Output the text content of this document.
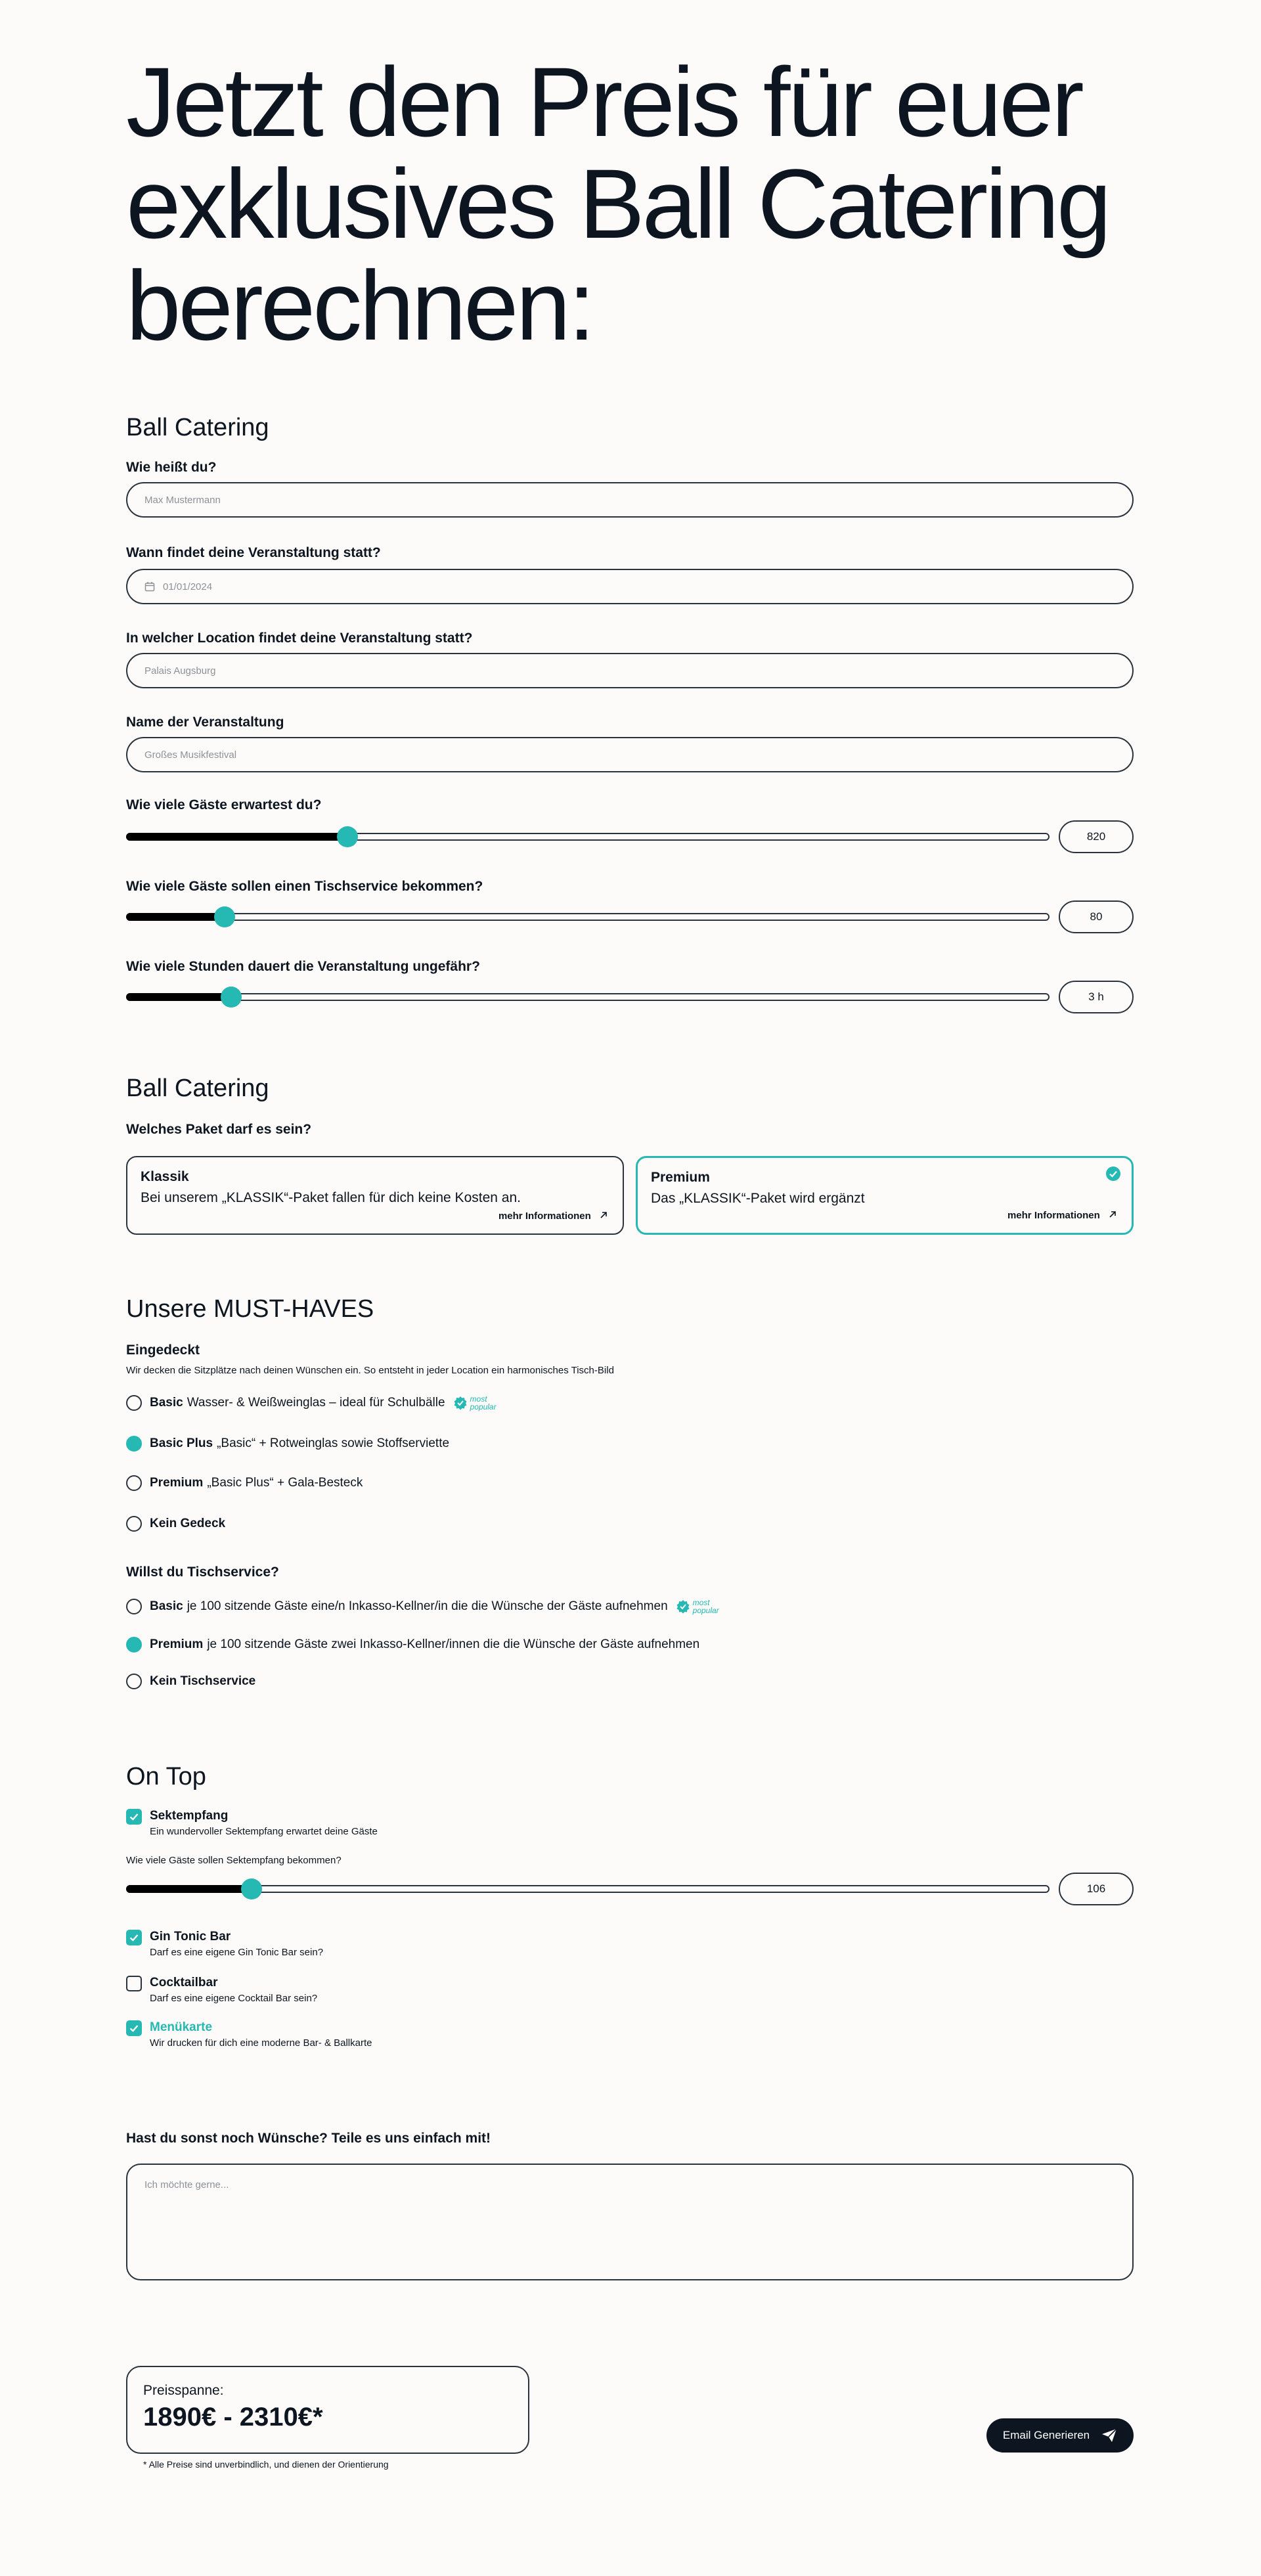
Jetzt den Preis für euer exklusives Ball Catering berechnen:
Ball Catering
Wie heißt du?
Max Mustermann
Wann findet deine Veranstaltung statt?
01/01/2024
In welcher Location findet deine Veranstaltung statt?
Palais Augsburg
Name der Veranstaltung
Großes Musikfestival
Wie viele Gäste erwartest du?
820
Wie viele Gäste sollen einen Tischservice bekommen?
80
Wie viele Stunden dauert die Veranstaltung ungefähr?
3 h
Ball Catering
Welches Paket darf es sein?
Klassik
Bei unserem „KLASSIK“-Paket fallen für dich keine Kosten an.
mehr Informationen
Premium
Das „KLASSIK“-Paket wird ergänzt
mehr Informationen
Unsere MUST-HAVES
Eingedeckt
Wir decken die Sitzplätze nach deinen Wünschen ein. So entsteht in jeder Location ein harmonisches Tisch-Bild
Basic Wasser- & Weißweinglas – ideal für Schulbälle	most popular
Basic Plus „Basic“ + Rotweinglas sowie Stoffserviette
Premium „Basic Plus“ + Gala-Besteck
Kein Gedeck
Willst du Tischservice?
Basic je 100 sitzende Gäste eine/n Inkasso-Kellner/in die die Wünsche der Gäste aufnehmen	most popular
Premium je 100 sitzende Gäste zwei Inkasso-Kellner/innen die die Wünsche der Gäste aufnehmen
Kein Tischservice
On Top
Sektempfang
Ein wundervoller Sektempfang erwartet deine Gäste
Wie viele Gäste sollen Sektempfang bekommen?
106
Gin Tonic Bar
Darf es eine eigene Gin Tonic Bar sein?
Cocktailbar
Darf es eine eigene Cocktail Bar sein?
Menükarte
Wir drucken für dich eine moderne Bar- & Ballkarte
Hast du sonst noch Wünsche? Teile es uns einfach mit!
Ich möchte gerne...
Preisspanne:
1890€ - 2310€*
* Alle Preise sind unverbindlich, und dienen der Orientierung
Email Generieren
